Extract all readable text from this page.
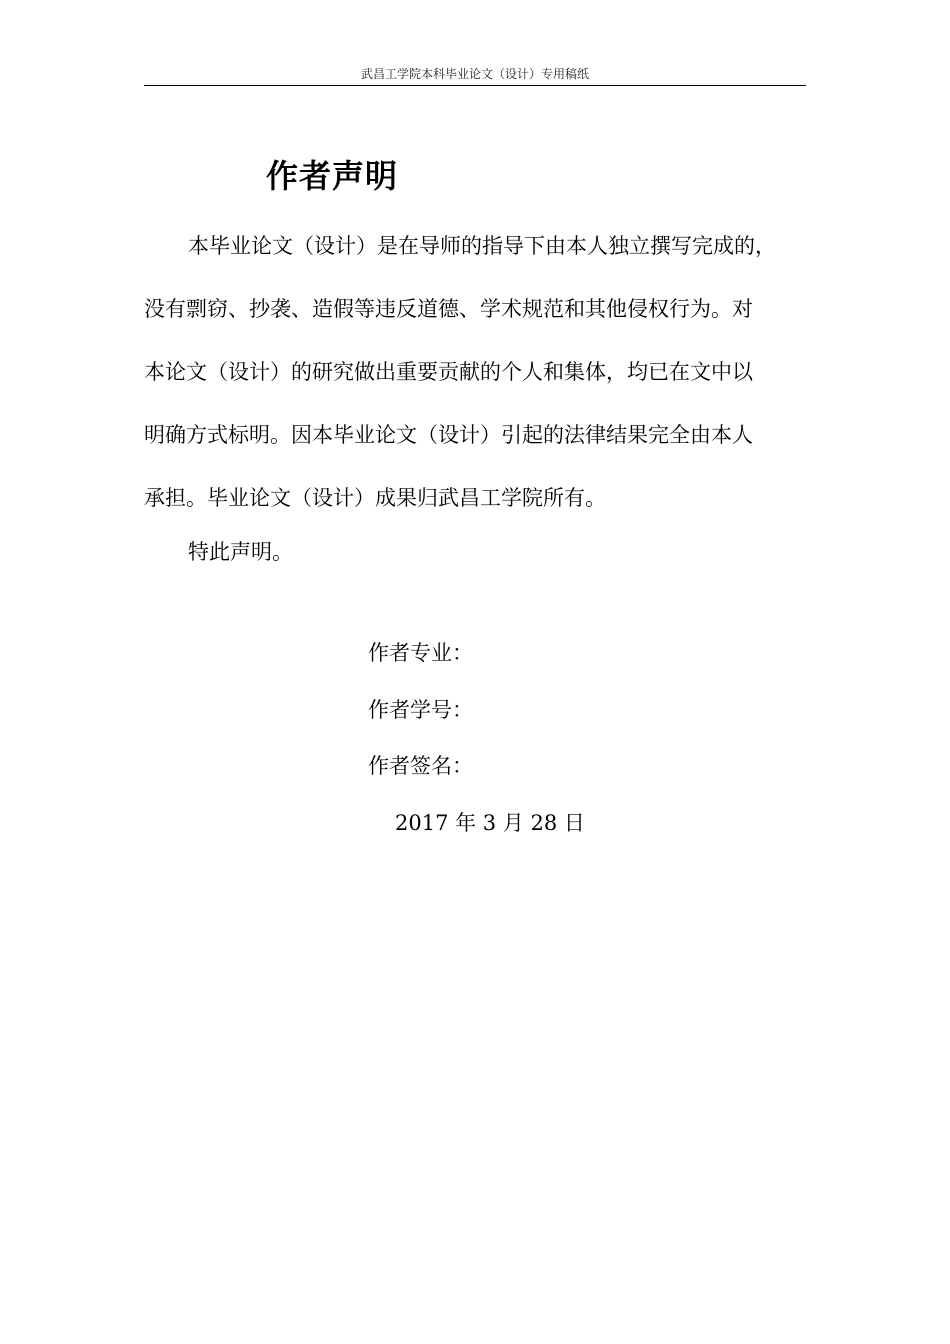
武昌工学院本科毕业论文（设计）专用稿纸
作者声明
本毕业论文（设计）是在导师的指导下由本人独立撰写完成的，
没有剽窃、抄袭、造假等违反道德、学术规范和其他侵权行为。对
本论文（设计）的研究做出重要贡献的个人和集体，均已在文中以
明确方式标明。因本毕业论文（设计）引起的法律结果完全由本人
承担。毕业论文（设计）成果归武昌工学院所有。
特此声明。
作者专业：
作者学号：
作者签名：
2017 年 3 月 28 日
